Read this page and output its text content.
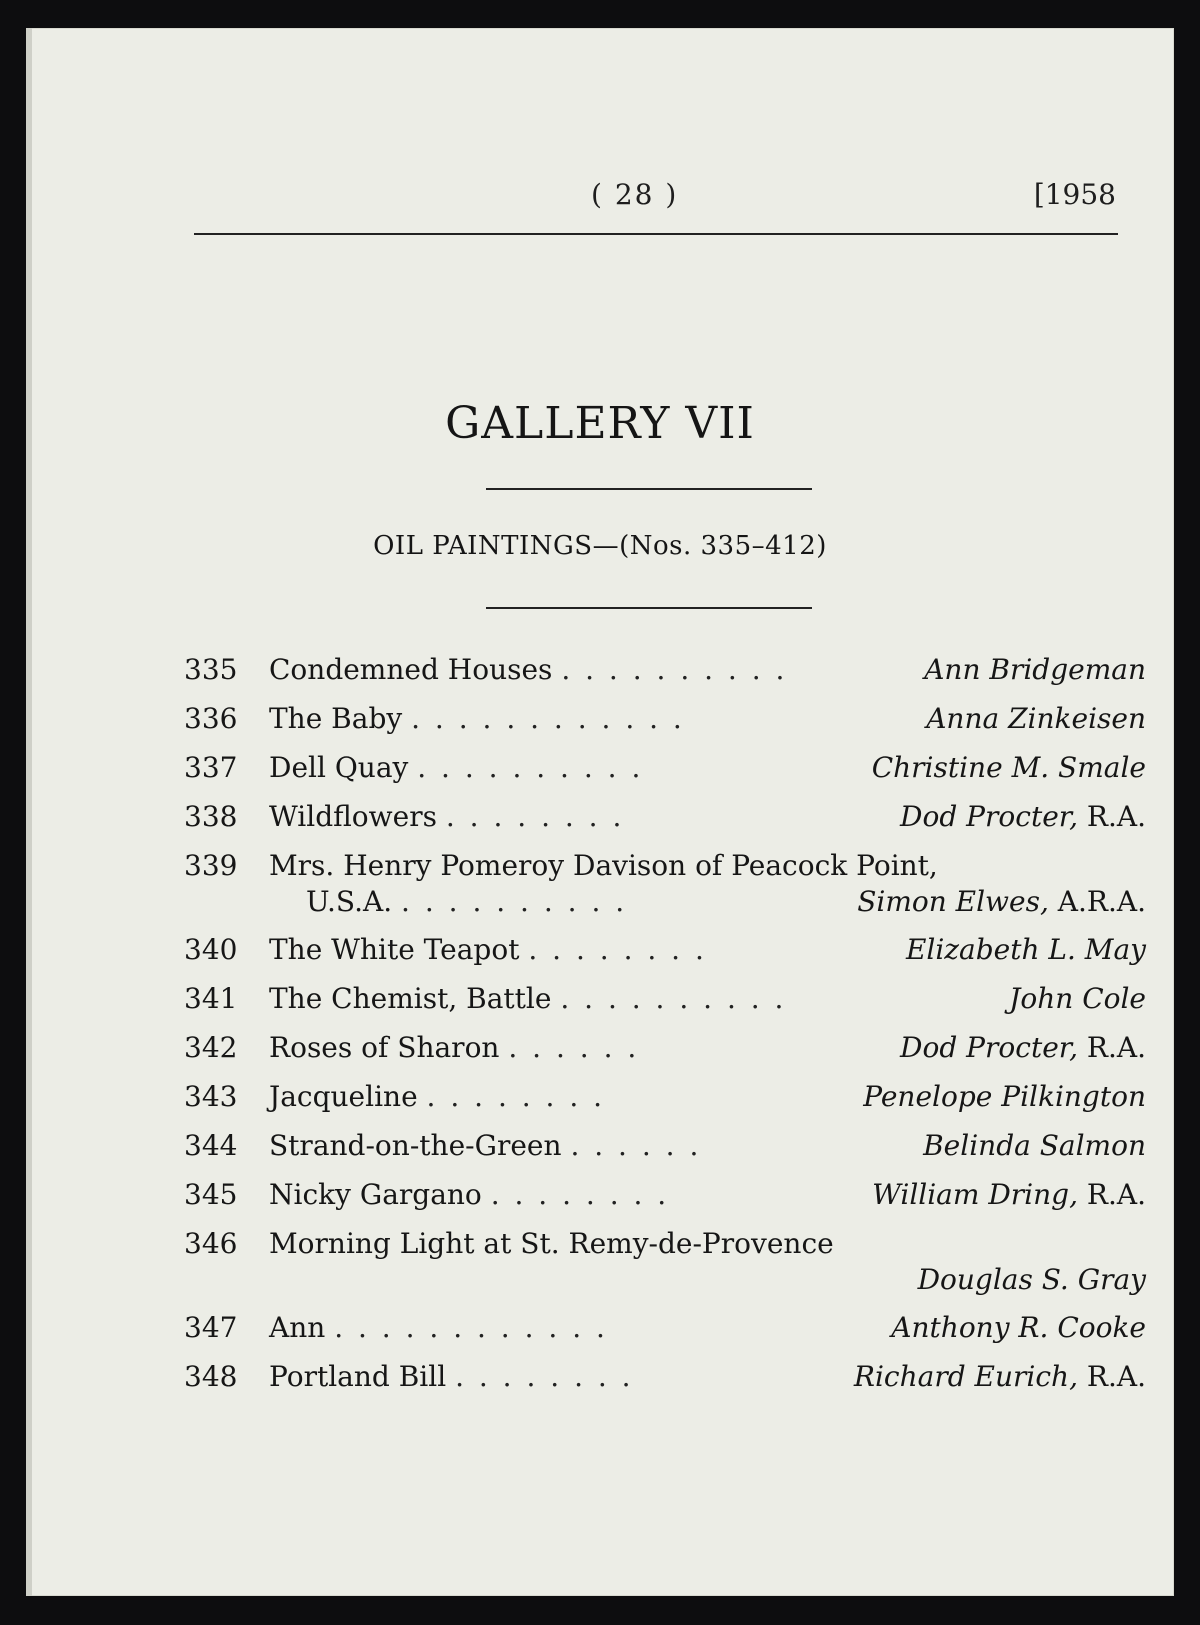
( 28 )	[1958
GALLERY VII
OIL PAINTINGS—(Nos. 335–412)
335	Condemned Houses . . . . . . . . . .	Ann Bridgeman
336	The Baby . . . . . . . . . . . .	Anna Zinkeisen
337	Dell Quay . . . . . . . . . .	Christine M. Smale
338	Wildflowers . . . . . . . .	Dod Procter, R.A.
339	Mrs. Henry Pomeroy Davison of Peacock Point,
U.S.A. . . . . . . . . . .	Simon Elwes, A.R.A.
340	The White Teapot . . . . . . . .	Elizabeth L. May
341	The Chemist, Battle . . . . . . . . . .	John Cole
342	Roses of Sharon . . . . . .	Dod Procter, R.A.
343	Jacqueline . . . . . . . .	Penelope Pilkington
344	Strand-on-the-Green . . . . . .	Belinda Salmon
345	Nicky Gargano . . . . . . . .	William Dring, R.A.
346	Morning Light at St. Remy-de-Provence
Douglas S. Gray
347	Ann . . . . . . . . . . . .	Anthony R. Cooke
348	Portland Bill . . . . . . . .	Richard Eurich, R.A.
